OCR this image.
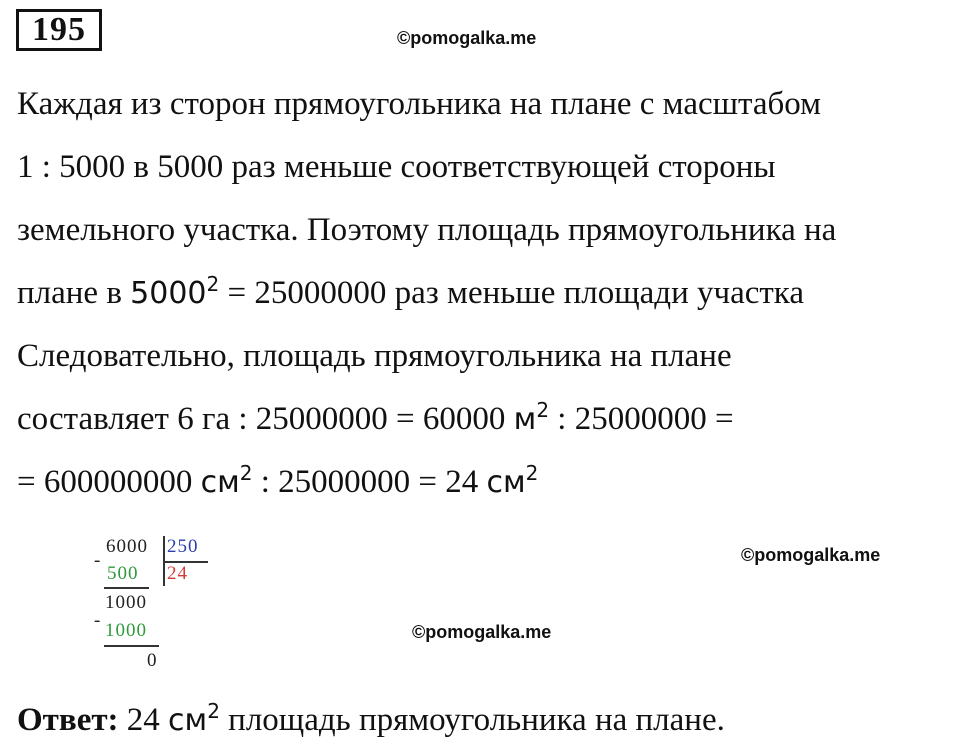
195	©pomogalka.me
Каждая из сторон прямоугольника на плане с масштабом
1 : 5000 в 5000 раз меньше соответствующей стороны
земельного участка. Поэтому площадь прямоугольника на
плане в $5000^2 = 25000000$ раз меньше площади участка
Следовательно, площадь прямоугольника на плане
составляет 6 га : 25000000 = 60000 $м^2$ : 25000000 =
= 600000000 $см^2$ : 25000000 = 24 $см^2$
-
6000 250
500 24
1000
- 1000
0
©pomogalka.me
©pomogalka.me
Ответ: 24 $см^2$ площадь прямоугольника на плане.
